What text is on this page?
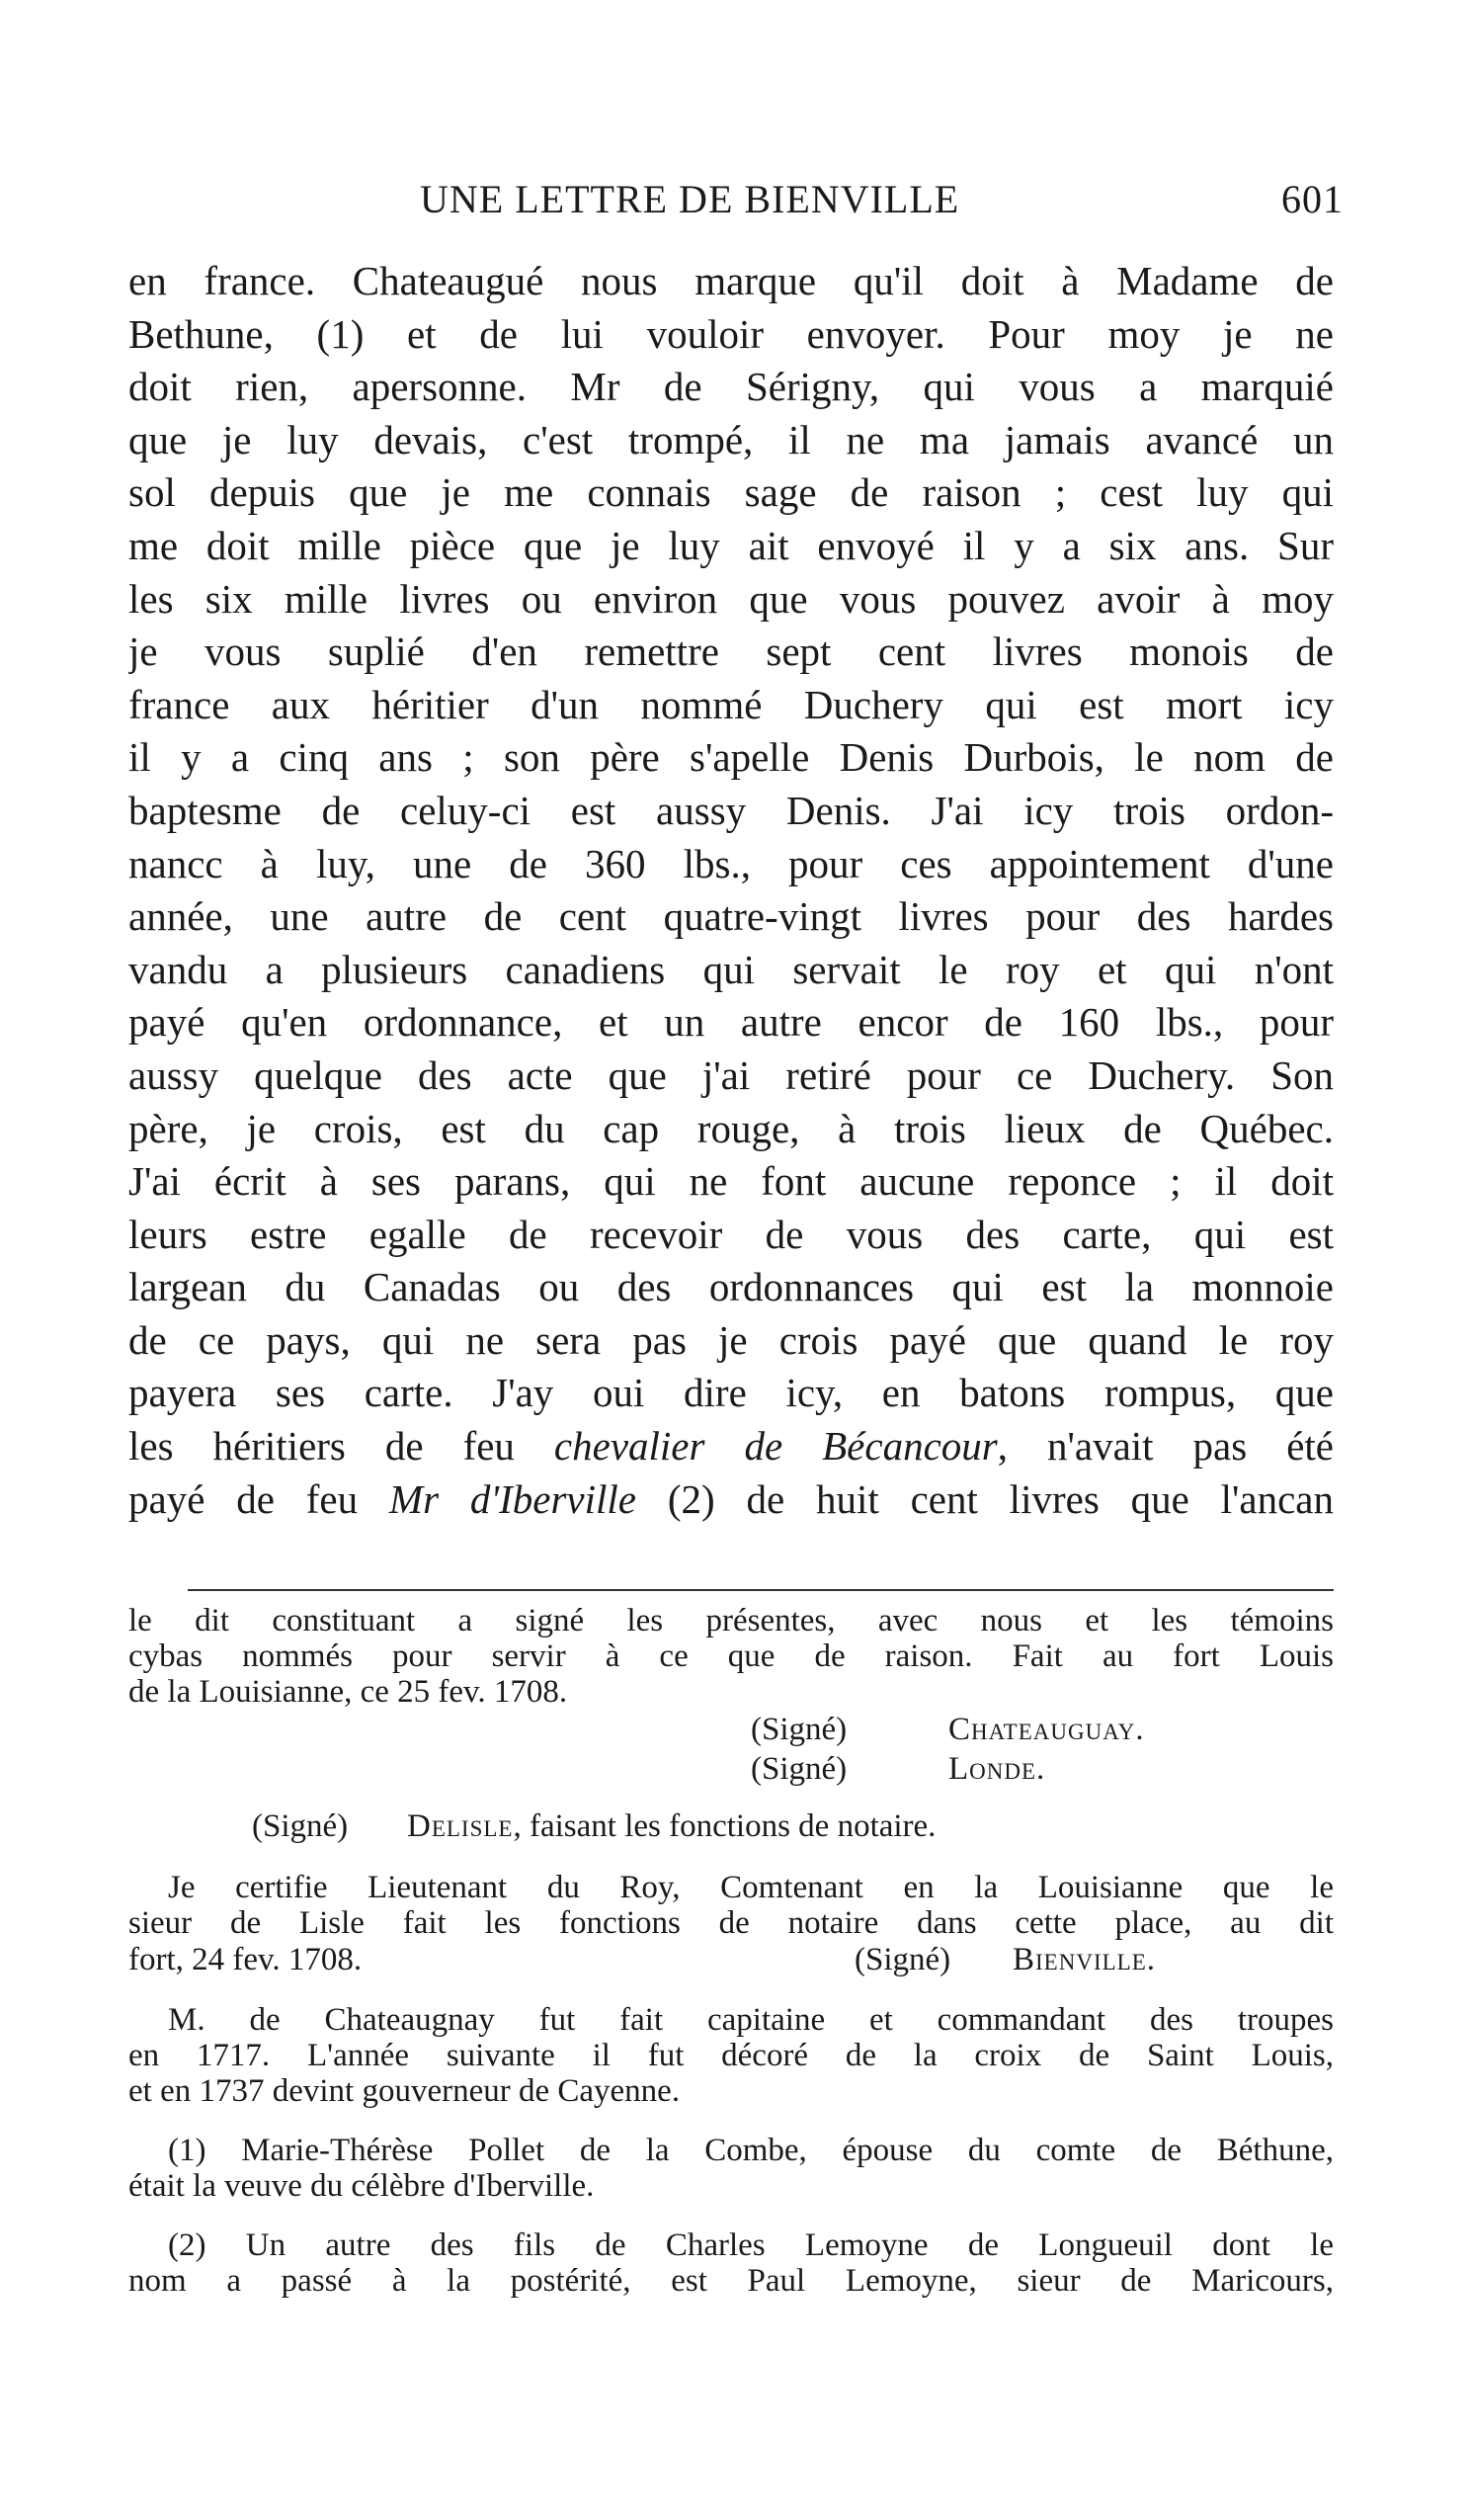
UNE LETTRE DE BIENVILLE	601
en france. Chateaugué nous marque qu'il doit à Madame de
Bethune, (1) et de lui vouloir envoyer. Pour moy je ne
doit rien, apersonne. Mr de Sérigny, qui vous a marquié
que je luy devais, c'est trompé, il ne ma jamais avancé un
sol depuis que je me connais sage de raison ; cest luy qui
me doit mille pièce que je luy ait envoyé il y a six ans. Sur
les six mille livres ou environ que vous pouvez avoir à moy
je vous suplié d'en remettre sept cent livres monois de
france aux héritier d'un nommé Duchery qui est mort icy
il y a cinq ans ; son père s'apelle Denis Durbois, le nom de
baptesme de celuy-ci est aussy Denis. J'ai icy trois ordon-
nancc à luy, une de 360 lbs., pour ces appointement d'une
année, une autre de cent quatre-vingt livres pour des hardes
vandu a plusieurs canadiens qui servait le roy et qui n'ont
payé qu'en ordonnance, et un autre encor de 160 lbs., pour
aussy quelque des acte que j'ai retiré pour ce Duchery. Son
père, je crois, est du cap rouge, à trois lieux de Québec.
J'ai écrit à ses parans, qui ne font aucune reponce ; il doit
leurs estre egalle de recevoir de vous des carte, qui est
largean du Canadas ou des ordonnances qui est la monnoie
de ce pays, qui ne sera pas je crois payé que quand le roy
payera ses carte. J'ay oui dire icy, en batons rompus, que
les héritiers de feu chevalier de Bécancour, n'avait pas été
payé de feu Mr d'Iberville (2) de huit cent livres que l'ancan
le dit constituant a signé les présentes, avec nous et les témoins
cybas nommés pour servir à ce que de raison. Fait au fort Louis
de la Louisianne, ce 25 fev. 1708.
(Signé)	Chateauguay.
(Signé)	Londe.
(Signé) Delisle, faisant les fonctions de notaire.
Je certifie Lieutenant du Roy, Comtenant en la Louisianne que le
sieur de Lisle fait les fonctions de notaire dans cette place, au dit
fort, 24 fev. 1708.	(Signé) Bienville.
M. de Chateaugnay fut fait capitaine et commandant des troupes
en 1717. L'année suivante il fut décoré de la croix de Saint Louis,
et en 1737 devint gouverneur de Cayenne.
(1) Marie-Thérèse Pollet de la Combe, épouse du comte de Béthune,
était la veuve du célèbre d'Iberville.
(2) Un autre des fils de Charles Lemoyne de Longueuil dont le
nom a passé à la postérité, est Paul Lemoyne, sieur de Maricours,
